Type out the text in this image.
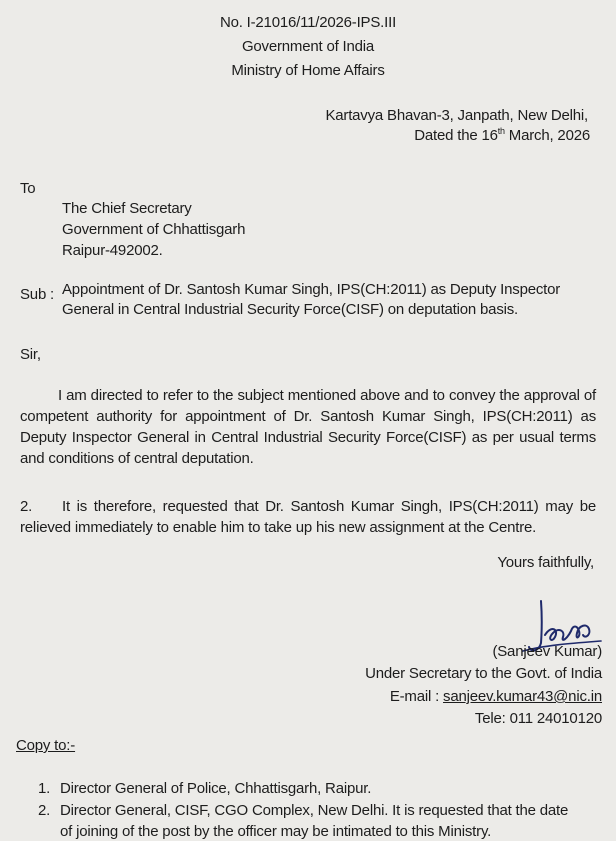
No. I-21016/11/2026-IPS.III
Government of India
Ministry of Home Affairs
Kartavya Bhavan-3, Janpath, New Delhi,
Dated the 16th March, 2026
To
The Chief Secretary
Government of Chhattisgarh
Raipur-492002.
Sub : Appointment of Dr. Santosh Kumar Singh, IPS(CH:2011) as Deputy Inspector
General in Central Industrial Security Force(CISF) on deputation basis.
Sir,
I am directed to refer to the subject mentioned above and to convey the approval of competent authority for appointment of Dr. Santosh Kumar Singh, IPS(CH:2011) as Deputy Inspector General in Central Industrial Security Force(CISF) as per usual terms and conditions of central deputation.
2. It is therefore, requested that Dr. Santosh Kumar Singh, IPS(CH:2011) may be relieved immediately to enable him to take up his new assignment at the Centre.
Yours faithfully,
(Sanjeev Kumar)
Under Secretary to the Govt. of India
E-mail : sanjeev.kumar43@nic.in
Tele: 011 24010120
Copy to:-
1. Director General of Police, Chhattisgarh, Raipur.
2. Director General, CISF, CGO Complex, New Delhi. It is requested that the date
of joining of the post by the officer may be intimated to this Ministry.
